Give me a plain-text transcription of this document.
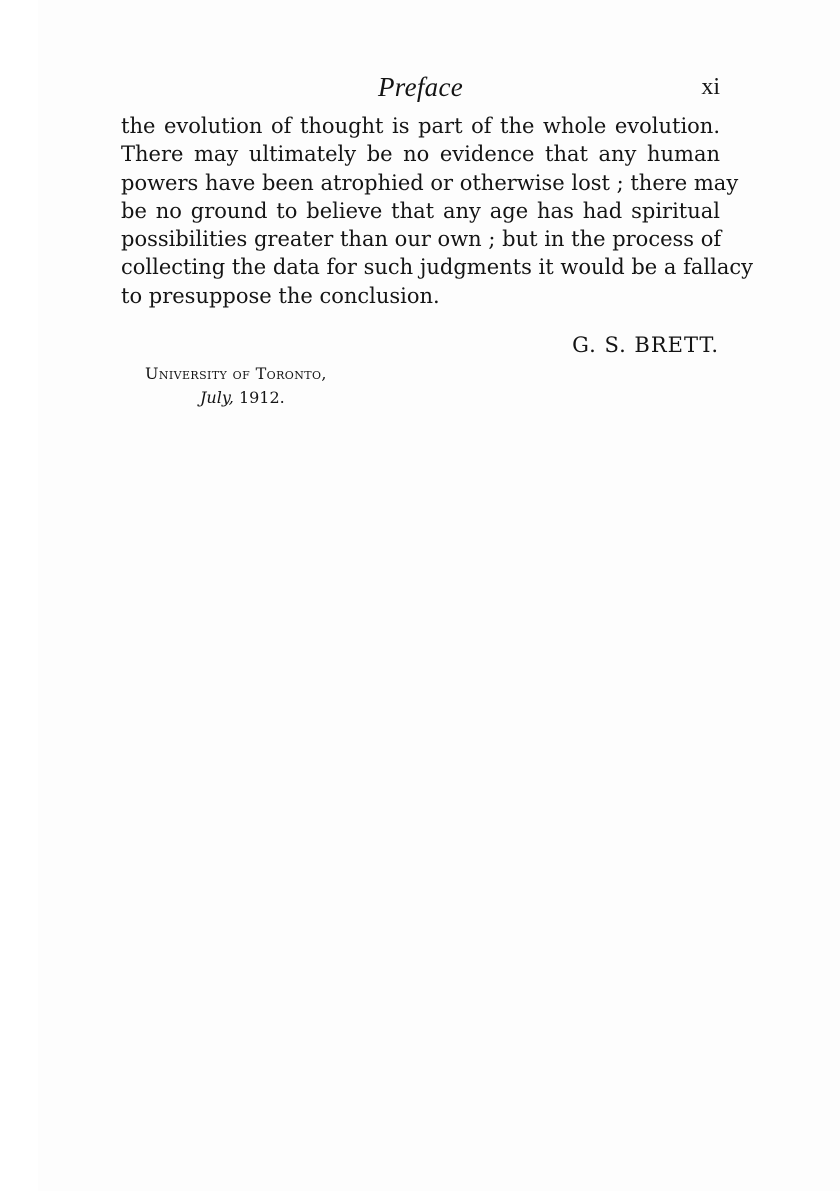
Preface	xi
the evolution of thought is part of the whole evolution.
There may ultimately be no evidence that any human
powers have been atrophied or otherwise lost ; there may
be no ground to believe that any age has had spiritual
possibilities greater than our own ; but in the process of
collecting the data for such judgments it would be a fallacy
to presuppose the conclusion.
G. S. BRETT.
University of Toronto,
July, 1912.
